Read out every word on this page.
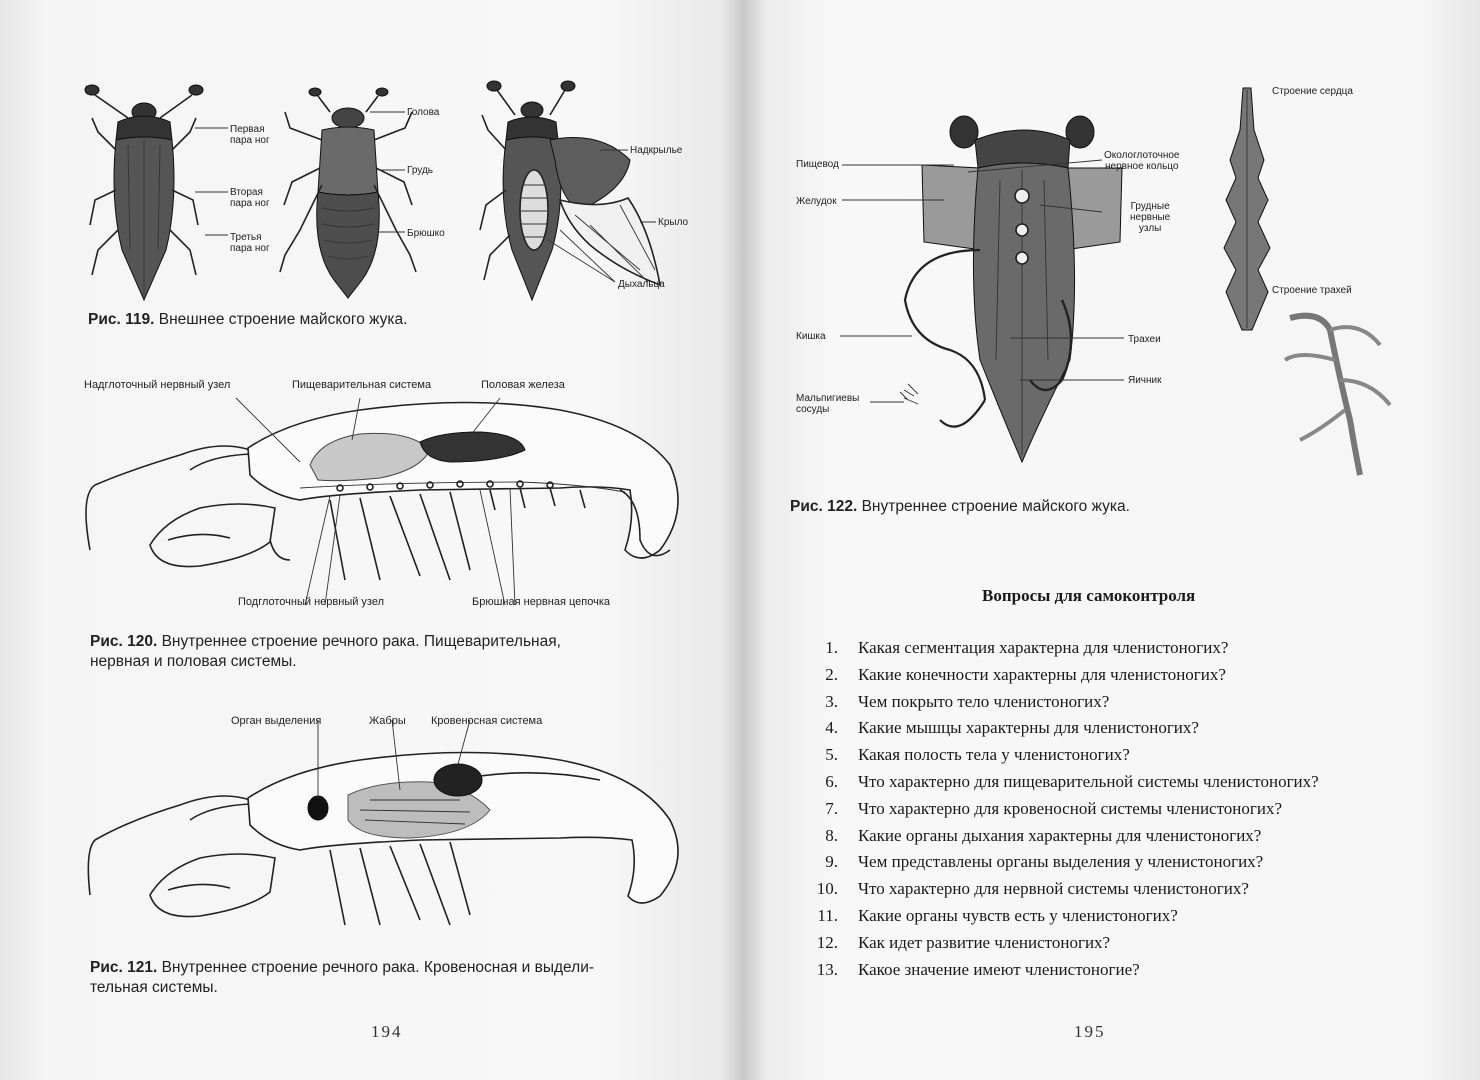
Первая
пара ног
Голова
Грудь
Вторая
пара ног
Брюшко
Третья
пара ног
Надкрылье
Крыло
Дыхальца
Рис. 119. Внешнее строение майского жука.
Надглоточный нервный узел	Пищеварительная система	Половая железа
Подглоточный нервный узел	Брюшная нервная цепочка
Рис. 120. Внутреннее строение речного рака. Пищеварительная,
нервная и половая системы.
Орган выделения	Жабры Кровеносная система
Рис. 121. Внутреннее строение речного рака. Кровеносная и выдели-
тельная системы.
194
Строение сердца
Пищевод
Окологлоточное
нервное кольцо
Желудок	Грудные
нервные
узлы
Строение трахей
Кишка	Трахеи
Яичник
Мальпигиевы
сосуды
Рис. 122. Внутреннее строение майского жука.
Вопросы для самоконтроля
1. Какая сегментация характерна для членистоногих?
2. Какие конечности характерны для членистоногих?
3. Чем покрыто тело членистоногих?
4. Какие мышцы характерны для членистоногих?
5. Какая полость тела у членистоногих?
6. Что характерно для пищеварительной системы членистоногих?
7. Что характерно для кровеносной системы членистоногих?
8. Какие органы дыхания характерны для членистоногих?
9. Чем представлены органы выделения у членистоногих?
10. Что характерно для нервной системы членистоногих?
11. Какие органы чувств есть у членистоногих?
12. Как идет развитие членистоногих?
13. Какое значение имеют членистоногие?
195
